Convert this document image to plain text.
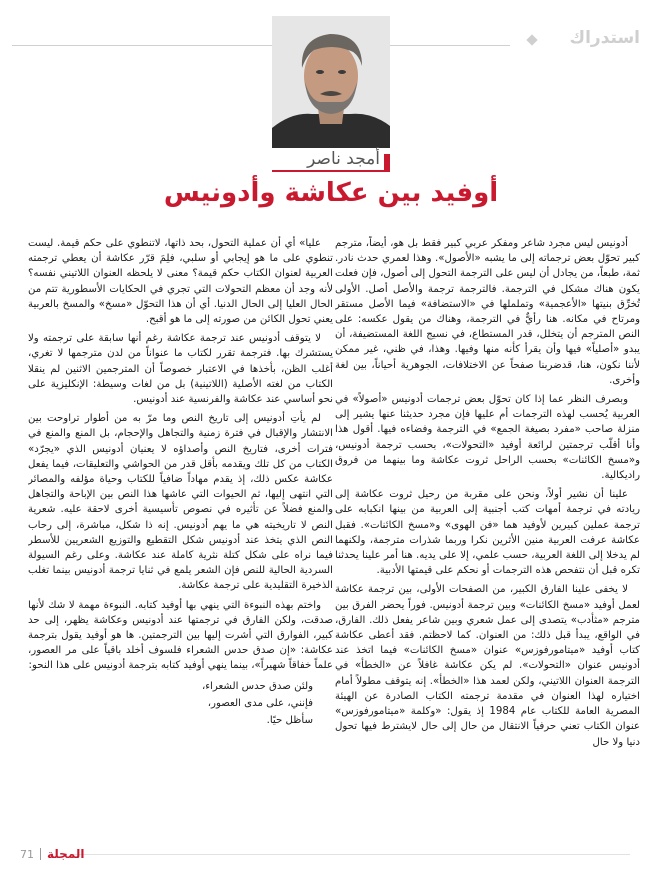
استدراك
أمجد ناصر
أوفيد بين عكاشة وأدونيس

أدونيس ليس مجرد شاعر ومفكر عربي كبير فقط بل هو، أيضاً، مترجم كبير تحوّل بعض ترجماته إلى ما يشبه «الأصول». وهذا لعمري حدث نادر. ثمة، طبعاً، من يجادل أن ليس على الترجمة التحول إلى أصول، فإن فعلت يكون هناك مشكل في الترجمة. فالترجمة ترجمة والأصل أصل. الأولى تُخرِّق بنيتها «الأعجمية» وتململها في «الاستضافة» فيما الأصل مستقر ومرتاح في مكانه. هنا رأيٌّ في الترجمة، وهناك من يقول عكسه: على النص المترجم أن يتخلل، قدر المستطاع، في نسيج اللغة المستضيفة، أن يبدو «أصلياً» فيها وأن يقرأ كأنه منها وفيها. وهذا، في ظني، غير ممكن لأننا نكون، هنا، قدضربنا صفحاً عن الاختلافات، الجوهرية أحياناً، بين لغة وأخرى.

وبصرف النظر عما إذا كان تحوّل بعض ترجمات أدونيس «أصولاً» في العربية يُحسب لهذه الترجمات أم عليها فإن مجرد حديثنا عنها يشير إلى منزلة صاحب «مفرد بصيغة الجمع» في الترجمة وفضاءه فيها. أقول هذا وأنا أقلّب ترجمتين لرائعة أوفيد «التحولات»، بحسب ترجمة أدونيس، و«مسخ الكائنات» بحسب الراحل ثروت عكاشة وما بينهما من فروق راديكالية.

علينا أن نشير أولاً، ونحن على مقربة من رحيل ثروت عكاشة إلى ريادته في ترجمة أمهات كتب أجنبية إلى العربية من بينها انكبابه على ترجمة عملين كبيرين لأوفيد هما «فن الهوى» و«مسخ الكائنات». فقبل عكاشة عرفت العربية منين الأثرين نكرا وربما شذرات مترجمة، ولكنهما لم يدخلا إلى اللغة العربية، حسب علمي، إلا على يديه. هنا أمر علينا يحدثنا تكره قبل أن نتفحص هذه الترجمات أو نحكم على قيمتها الأدبية.

لا يخفى علينا الفارق الكبير، من الصفحات الأولى، بين ترجمة عكاشة لعمل أوفيد «مسخ الكائنات» وبين ترجمة أدونيس. فوراً يحضر الفرق بين مترجم «مثأدب» يتصدى إلى عمل شعري وبين شاعر يفعل ذلك. الفارق، في الواقع، يبدأ قبل ذلك: من العنوان. كما لاحظتم. فقد أعطى عكاشة كتاب أوفيد «ميتامورفوزس» عنوان «مسخ الكائنات» فيما اتخذ عند أدونيس عنوان «التحولات». لم يكن عكاشة غافلاً عن «الخطأ» في الترجمة العنوان اللاتيني، ولكن لعمد هذا «الخطأ». إنه يتوقف مطولاً أمام اختياره لهذا العنوان في مقدمة ترجمته الكتاب الصادرة عن الهيئة المصرية العامة للكتاب عام 1984 إذ يقول: «وكلمة «ميتامورفوزس» عنوان الكتاب تعني حرفياً الانتقال من حال إلى حال لايشترط فيها تحول دنيا ولا حال

عليا» أي أن عملية التحول، بحد ذاتها، لاتنطوي على حكم قيمة. ليست تنطوي على ما هو إيجابي أو سلبي، فلِمَ قرّر عكاشة أن يعطي ترجمته العربية لعنوان الكتاب حكم قيمة؟ معنى لا يلحظه العنوان اللاتيني نفسه؟ لأنه وجد أن معظم التحولات التي تجري في الحكايات الأسطورية تتم من الحال العليا إلى الحال الدنيا. أي أن هذا التحوّل «مسخ» والمسخ بالعربية يعني تحول الكائن من صورته إلى ما هو أقبح.

لا يتوقف أدونيس عند ترجمة عكاشة رغم أنها سابقة على ترجمته ولا يستشرك بها. فترجمة تقرر لكتاب ما عنواناً من لدن مترجمها لا تغري، أغلب الظن، بأخذها في الاعتبار خصوصاً أن المترجمين الاثنين لم ينقلا الكتاب من لغته الأصلية (اللاتينية) بل من لغات وسيطة: الإنكليزية على نحو أساسي عند عكاشة والفرنسية عند أدونيس.

لم يأتِ أدونيس إلى تاريخ النص وما مرّ به من أطوار تراوحت بين الانتشار والإقبال في فترة زمنية والتجاهل والإحجام، بل المنع والمنع في فترات أخرى، فتاريخ النص وأصداؤه لا يعنيان أدونيس الذي «يجرّد» الكتاب من كل تلك ويقدمه بأقل قدر من الحواشي والتعليقات، فيما يفعل عكاشة عكس ذلك، إذ يقدم مهاداً ضافياً للكتاب وحياة مؤلفه والمصائر التي انتهى إليها، ثم الحيوات التي عاشها هذا النص بين الإباحة والتجاهل والمنع فضلاً عن تأثيره في نصوص تأسيسية أخرى لاحقة عليه. شعرية النص لا تاريخيته هي ما يهم أدونيس. إنه ذا شكل، مباشرة، إلى رحاب النص الذي يتخذ عند أدونيس شكل التقطيع والتوزيع الشعريين للأسطر فيما نراه على شكل كتلة نثرية كاملة عند عكاشة. وعلى رغم السيولة السردية الحالية للنص فإن الشعر يلمع في ثنايا ترجمة أدونيس بينما تغلب الذخيرة التقليدية على ترجمة عكاشة.

واختم بهذه النبوءة التي ينهي بها أوفيد كتابه. النبوءة مهمة لا شك لأنها صدقت، ولكن الفارق في ترجمتها عند أدونيس وعكاشة يظهر، إلى حد كبير، الفوارق التي أشرت إليها بين الترجمتين. ها هو أوفيد يقول بترجمة عكاشة: «إن صدق حدس الشعراء فلسوف أخلد باقياً على مر العصور، علماً خفاقاً شهيراً»، بينما ينهي أوفيد كتابه بترجمة أدونيس على هذا النحو:

ولئن صدق حدس الشعراء،
فإنني، على مدى العصور،
سأظل حيًا.
71 المجلة
